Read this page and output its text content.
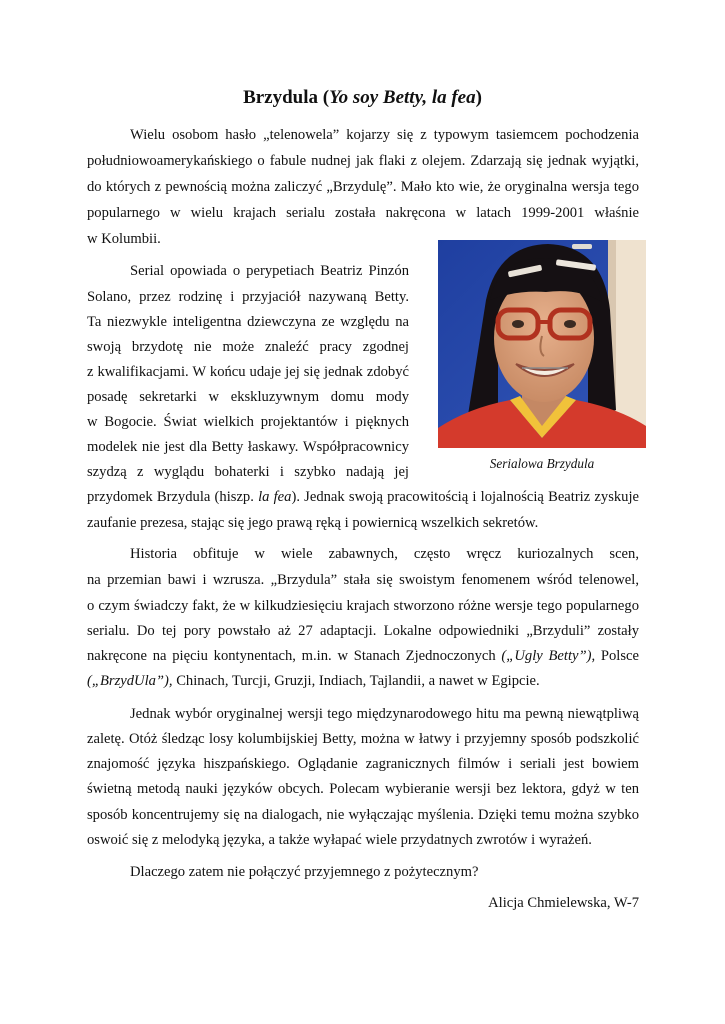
Brzydula (Yo soy Betty, la fea)
Wielu osobom hasło „telenowela” kojarzy się z typowym tasiemcem pochodzenia
południowoamerykańskiego o fabule nudnej jak flaki z olejem. Zdarzają się jednak wyjątki,
do których z pewnością można zaliczyć „Brzydulę”. Mało kto wie, że oryginalna wersja tego
popularnego w wielu krajach serialu została nakręcona w latach 1999-2001 właśnie
w Kolumbii.
Serial opowiada o perypetiach Beatriz Pinzón
Solano, przez rodzinę i przyjaciół nazywaną Betty.
Ta niezwykle inteligentna dziewczyna ze względu na
swoją brzydotę nie może znaleźć pracy zgodnej
z kwalifikacjami. W końcu udaje jej się jednak zdobyć
posadę sekretarki w ekskluzywnym domu mody
w Bogocie. Świat wielkich projektantów i pięknych
modelek nie jest dla Betty łaskawy. Współpracownicy
szydzą z wyglądu bohaterki i szybko nadają jej
przydomek Brzydula (hiszp. la fea). Jednak swoją pracowitością i lojalnością Beatriz zyskuje
zaufanie prezesa, stając się jego prawą ręką i powiernicą wszelkich sekretów.
Serialowa Brzydula
Historia obfituje w wiele zabawnych, często wręcz kuriozalnych scen,
na przemian bawi i wzrusza. „Brzydula” stała się swoistym fenomenem wśród telenowel,
o czym świadczy fakt, że w kilkudziesięciu krajach stworzono różne wersje tego popularnego
serialu. Do tej pory powstało aż 27 adaptacji. Lokalne odpowiedniki „Brzyduli” zostały
nakręcone na pięciu kontynentach, m.in. w Stanach Zjednoczonych („Ugly Betty”), Polsce
(„BrzydUla”), Chinach, Turcji, Gruzji, Indiach, Tajlandii, a nawet w Egipcie.
Jednak wybór oryginalnej wersji tego międzynarodowego hitu ma pewną niewątpliwą
zaletę. Otóż śledząc losy kolumbijskiej Betty, można w łatwy i przyjemny sposób podszkolić
znajomość języka hiszpańskiego. Oglądanie zagranicznych filmów i seriali jest bowiem
świetną metodą nauki języków obcych. Polecam wybieranie wersji bez lektora, gdyż w ten
sposób koncentrujemy się na dialogach, nie wyłączając myślenia. Dzięki temu można szybko
oswoić się z melodyką języka, a także wyłapać wiele przydatnych zwrotów i wyrażeń.
Dlaczego zatem nie połączyć przyjemnego z pożytecznym?
Alicja Chmielewska, W-7
